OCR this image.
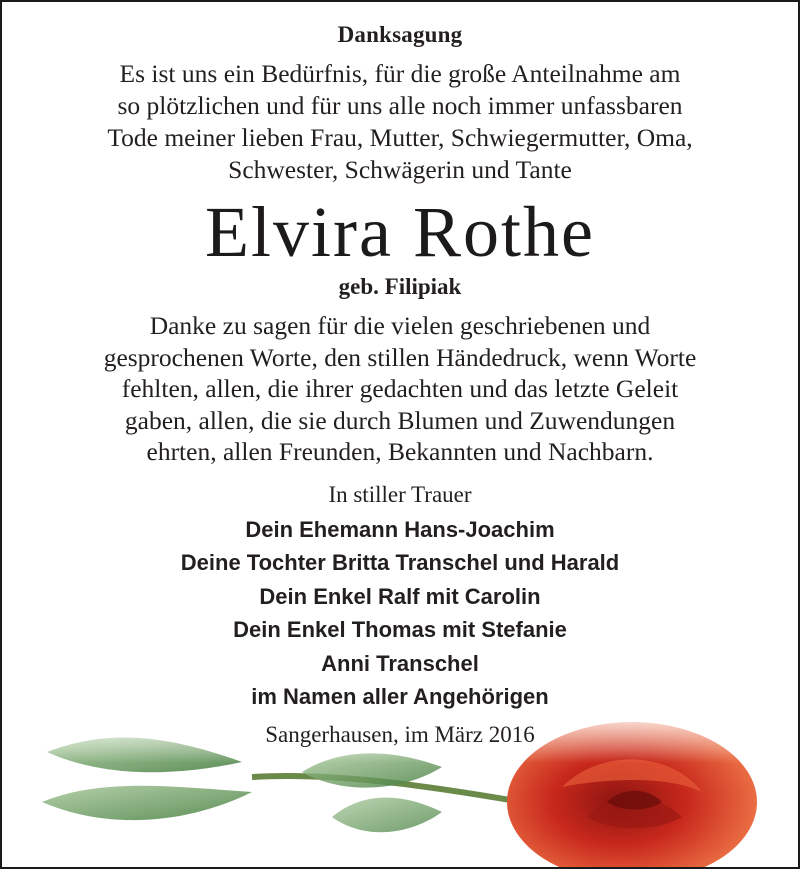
Danksagung
Es ist uns ein Bedürfnis, für die große Anteilnahme am
so plötzlichen und für uns alle noch immer unfassbaren
Tode meiner lieben Frau, Mutter, Schwiegermutter, Oma,
Schwester, Schwägerin und Tante
Elvira Rothe
geb. Filipiak
Danke zu sagen für die vielen geschriebenen und
gesprochenen Worte, den stillen Händedruck, wenn Worte
fehlten, allen, die ihrer gedachten und das letzte Geleit
gaben, allen, die sie durch Blumen und Zuwendungen
ehrten, allen Freunden, Bekannten und Nachbarn.
In stiller Trauer
Dein Ehemann Hans-Joachim
Deine Tochter Britta Transchel und Harald
Dein Enkel Ralf mit Carolin
Dein Enkel Thomas mit Stefanie
Anni Transchel
im Namen aller Angehörigen
Sangerhausen, im März 2016
